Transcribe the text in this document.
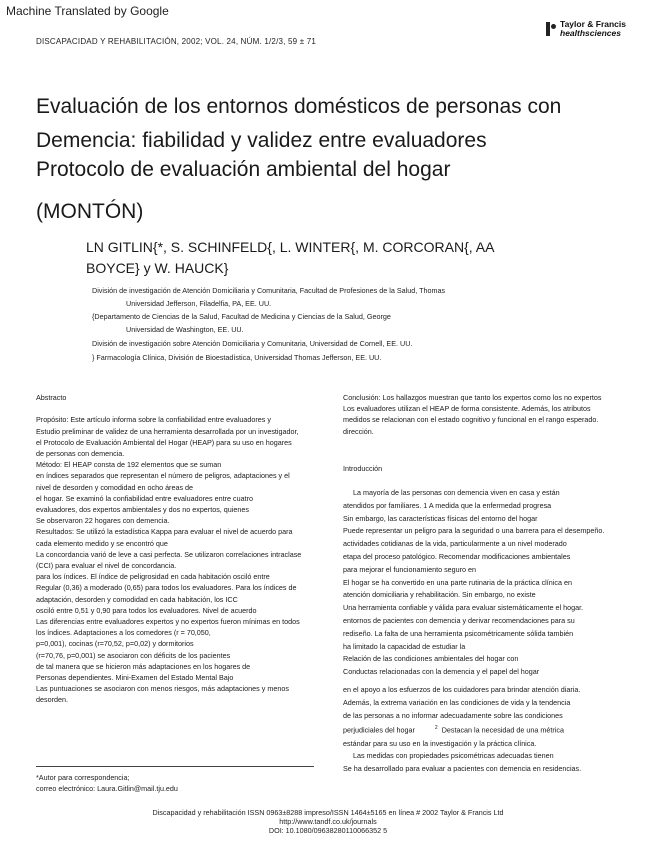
Machine Translated by Google
DISCAPACIDAD Y REHABILITACIÓN, 2002; VOL. 24, NÚM. 1/2/3, 59 ± 71
Taylor & Francis
healthsciences
Evaluación de los entornos domésticos de personas con
Demencia: fiabilidad y validez entre evaluadores
Protocolo de evaluación ambiental del hogar
(MONTÓN)
LN GITLIN{*, S. SCHINFELD{, L. WINTER{, M. CORCORAN{, AA
BOYCE} y W. HAUCK}
División de investigación de Atención Domiciliaria y Comunitaria, Facultad de Profesiones de la Salud, Thomas
Universidad Jefferson, Filadelfia, PA, EE. UU.
{Departamento de Ciencias de la Salud, Facultad de Medicina y Ciencias de la Salud, George
Universidad de Washington, EE. UU.
División de investigación sobre Atención Domiciliaria y Comunitaria, Universidad de Cornell, EE. UU.
} Farmacología Clínica, División de Bioestadística, Universidad Thomas Jefferson, EE. UU.

Abstracto

Propósito: Este artículo informa sobre la confiabilidad entre evaluadores y

Estudio preliminar de validez de una herramienta desarrollada por un investigador,

el Protocolo de Evaluación Ambiental del Hogar (HEAP) para su uso en hogares

de personas con demencia.

Método: El HEAP consta de 192 elementos que se suman

en índices separados que representan el número de peligros, adaptaciones y el

nivel de desorden y comodidad en ocho áreas de

el hogar. Se examinó la confiabilidad entre evaluadores entre cuatro

evaluadores, dos expertos ambientales y dos no expertos, quienes

Se observaron 22 hogares con demencia.

Resultados: Se utilizó la estadística Kappa para evaluar el nivel de acuerdo para

cada elemento medido y se encontró que

La concordancia varió de leve a casi perfecta. Se utilizaron correlaciones intraclase

(CCI) para evaluar el nivel de concordancia.

para los índices. El índice de peligrosidad en cada habitación osciló entre

Regular (0,36) a moderado (0,65) para todos los evaluadores. Para los índices de

adaptación, desorden y comodidad en cada habitación, los ICC

osciló entre 0,51 y 0,90 para todos los evaluadores. Nivel de acuerdo

Las diferencias entre evaluadores expertos y no expertos fueron mínimas en todos

los índices. Adaptaciones a los comedores (r = 70,050,

p=0,001), cocinas (r=70,52, p=0,02) y dormitorios

(r=70,76, p=0,001) se asociaron con déficits de los pacientes

de tal manera que se hicieron más adaptaciones en los hogares de

Personas dependientes. Mini-Examen del Estado Mental Bajo

Las puntuaciones se asociaron con menos riesgos, más adaptaciones y menos

desorden.

Conclusión: Los hallazgos muestran que tanto los expertos como los no expertos

Los evaluadores utilizan el HEAP de forma consistente. Además, los atributos

medidos se relacionan con el estado cognitivo y funcional en el rango esperado.

dirección.

Introducción

La mayoría de las personas con demencia viven en casa y están

atendidos por familiares. 1 A medida que la enfermedad progresa

Sin embargo, las características físicas del entorno del hogar

Puede representar un peligro para la seguridad o una barrera para el desempeño.

actividades cotidianas de la vida, particularmente a un nivel moderado

etapa del proceso patológico. Recomendar modificaciones ambientales

para mejorar el funcionamiento seguro en

El hogar se ha convertido en una parte rutinaria de la práctica clínica en

atención domiciliaria y rehabilitación. Sin embargo, no existe

Una herramienta confiable y válida para evaluar sistemáticamente el hogar.

entornos de pacientes con demencia y derivar recomendaciones para su

rediseño. La falta de una herramienta psicométricamente sólida también

ha limitado la capacidad de estudiar la

Relación de las condiciones ambientales del hogar con

Conductas relacionadas con la demencia y el papel del hogar

en el apoyo a los esfuerzos de los cuidadores para brindar atención diaria.

Además, la extrema variación en las condiciones de vida y la tendencia

de las personas a no informar adecuadamente sobre las condiciones

perjudiciales del hogar	$^2$ Destacan la necesidad de una métrica

estándar para su uso en la investigación y la práctica clínica.

Las medidas con propiedades psicométricas adecuadas tienen

Se ha desarrollado para evaluar a pacientes con demencia en residencias.

*Autor para correspondencia;
correo electrónico: Laura.Gitlin@mail.tju.edu
Discapacidad y rehabilitación ISSN 0963±8288 impreso/ISSN 1464±5165 en línea # 2002 Taylor & Francis Ltd
http://www.tandf.co.uk/journals
DOI: 10.1080/09638280110066352 5
